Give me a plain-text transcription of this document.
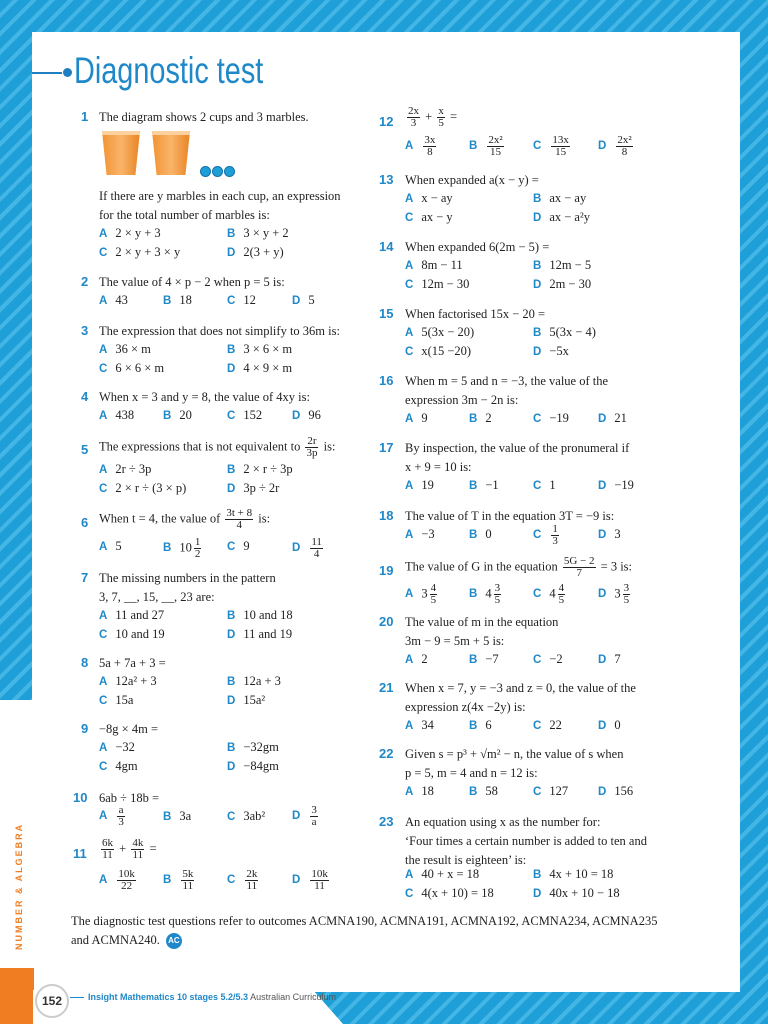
Diagnostic test
1 The diagram shows 2 cups and 3 marbles.
If there are y marbles in each cup, an expression
for the total number of marbles is:
A 2 × y + 3	B 3 × y + 2
C 2 × y + 3 × y	D 2(3 + y)
2 The value of 4 × p − 2 when p = 5 is:
A 43	B 18	C 12	D 5
3 The expression that does not simplify to 36m is:
A 36 × m	B 3 × 6 × m
C 6 × 6 × m	D 4 × 9 × m
4 When x = 3 and y = 8, the value of 4xy is:
A 438	B 20	C 152	D 96
5 The expressions that is not equivalent to $\frac{2r}{3p}$ is:
A 2r ÷ 3p	B 2 × r ÷ 3p
C 2 × r ÷ (3 × p)	D 3p ÷ 2r
6 When t = 4, the value of $\frac{3t + 8}{4}$ is:
A 5	B $10 \frac{1}{2}$ C 9	D $\frac{11}{4}$
7 The missing numbers in the pattern
3, 7, __, 15, __, 23 are:
A 11 and 27	B 10 and 18
C 10 and 19	D 11 and 19
8 5a + 7a + 3 =
A 12a² + 3	B 12a + 3
C 15a	D 15a²
9 −8g × 4m =
A −32	B −32gm
C 4gm	D −84gm
10 6ab ÷ 18b =
A $\frac{a}{3}$	B 3a	C 3ab² D $\frac{3}{a}$
$11 \frac{6k}{11} + \frac{4k}{11}$ =
A $\frac{10k}{22}$ B $\frac{5k}{11}$	C $\frac{2k}{11}$	D $\frac{10k}{11}$
$12 \frac{2x}{3} + \frac{x}{5}$ =
A $\frac{3x}{8}$	B $\frac{\text{2x²}}{15}$	C $\frac{13x}{15}$ D $\frac{\text{2x²}}{8}$
13 When expanded a(x − y) =
A x − ay	B ax − ay
C ax − y	D ax − a²y
14 When expanded 6(2m − 5) =
A 8m − 11	B 12m − 5
C 12m − 30	D 2m − 30
15 When factorised 15x − 20 =
A 5(3x − 20)	B 5(3x − 4)
C x(15 −20)	D −5x
16 When m = 5 and n = −3, the value of the
expression 3m − 2n is:
A 9	B 2	C −19	D 21
17 By inspection, the value of the pronumeral if
x + 9 = 10 is:
A 19	B −1	C 1	D −19
18 The value of T in the equation 3T = −9 is:
A −3	B 0	C $\frac{1}{3}$	D 3
19 The value of G in the equation $\frac{5G - 2}{7} = 3$ is:
A $3 \frac{4}{5}$	B $4 \frac{3}{5}$	C $4 \frac{4}{5}$	D $3 \frac{3}{5}$
20 The value of m in the equation
3m − 9 = 5m + 5 is:
A 2	B −7	C −2	D 7
21 When x = 7, y = −3 and z = 0, the value of the
expression z(4x −2y) is:
A 34	B 6	C 22	D 0
22 Given s = p³ + √m² − n, the value of s when
p = 5, m = 4 and n = 12 is:
A 18	B 58	C 127	D 156
23 An equation using x as the number for:
‘Four times a certain number is added to ten and
the result is eighteen’ is:
A 40 + x = 18	B 4x + 10 = 18
C 4(x + 10) = 18	D 40x + 10 − 18
The diagnostic test questions refer to outcomes ACMNA190, ACMNA191, ACMNA192, ACMNA234, ACMNA235 and ACMNA240. AC
NUMBER & ALGEBRA
152	Insight Mathematics 10 stages 5.2/5.3 Australian Curriculum
